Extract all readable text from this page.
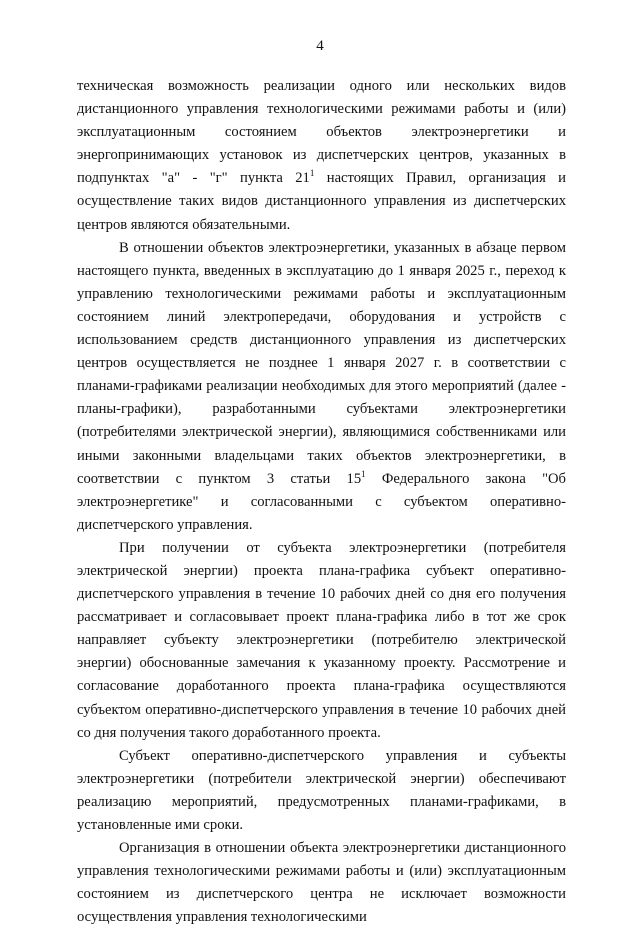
4

техническая возможность реализации одного или нескольких видов дистанционного управления технологическими режимами работы и (или) эксплуатационным состоянием объектов электроэнергетики и энергопринимающих установок из диспетчерских центров, указанных в подпунктах "а" - "г" пункта $21^1$ настоящих Правил, организация и осуществление таких видов дистанционного управления из диспетчерских центров являются обязательными.

В отношении объектов электроэнергетики, указанных в абзаце первом настоящего пункта, введенных в эксплуатацию до 1 января 2025 г., переход к управлению технологическими режимами работы и эксплуатационным состоянием линий электропередачи, оборудования и устройств с использованием средств дистанционного управления из диспетчерских центров осуществляется не позднее 1 января 2027 г. в соответствии с планами-графиками реализации необходимых для этого мероприятий (далее - планы-графики), разработанными субъектами электроэнергетики (потребителями электрической энергии), являющимися собственниками или иными законными владельцами таких объектов электроэнергетики, в соответствии с пунктом 3 статьи $15^1$ Федерального закона "Об электроэнергетике" и согласованными с субъектом оперативно-диспетчерского управления.

При получении от субъекта электроэнергетики (потребителя электрической энергии) проекта плана-графика субъект оперативно-диспетчерского управления в течение 10 рабочих дней со дня его получения рассматривает и согласовывает проект плана-графика либо в тот же срок направляет субъекту электроэнергетики (потребителю электрической энергии) обоснованные замечания к указанному проекту. Рассмотрение и согласование доработанного проекта плана-графика осуществляются субъектом оперативно-диспетчерского управления в течение 10 рабочих дней со дня получения такого доработанного проекта.

Субъект оперативно-диспетчерского управления и субъекты электроэнергетики (потребители электрической энергии) обеспечивают реализацию мероприятий, предусмотренных планами-графиками, в установленные ими сроки.

Организация в отношении объекта электроэнергетики дистанционного управления технологическими режимами работы и (или) эксплуатационным состоянием из диспетчерского центра не исключает возможности осуществления управления технологическими
